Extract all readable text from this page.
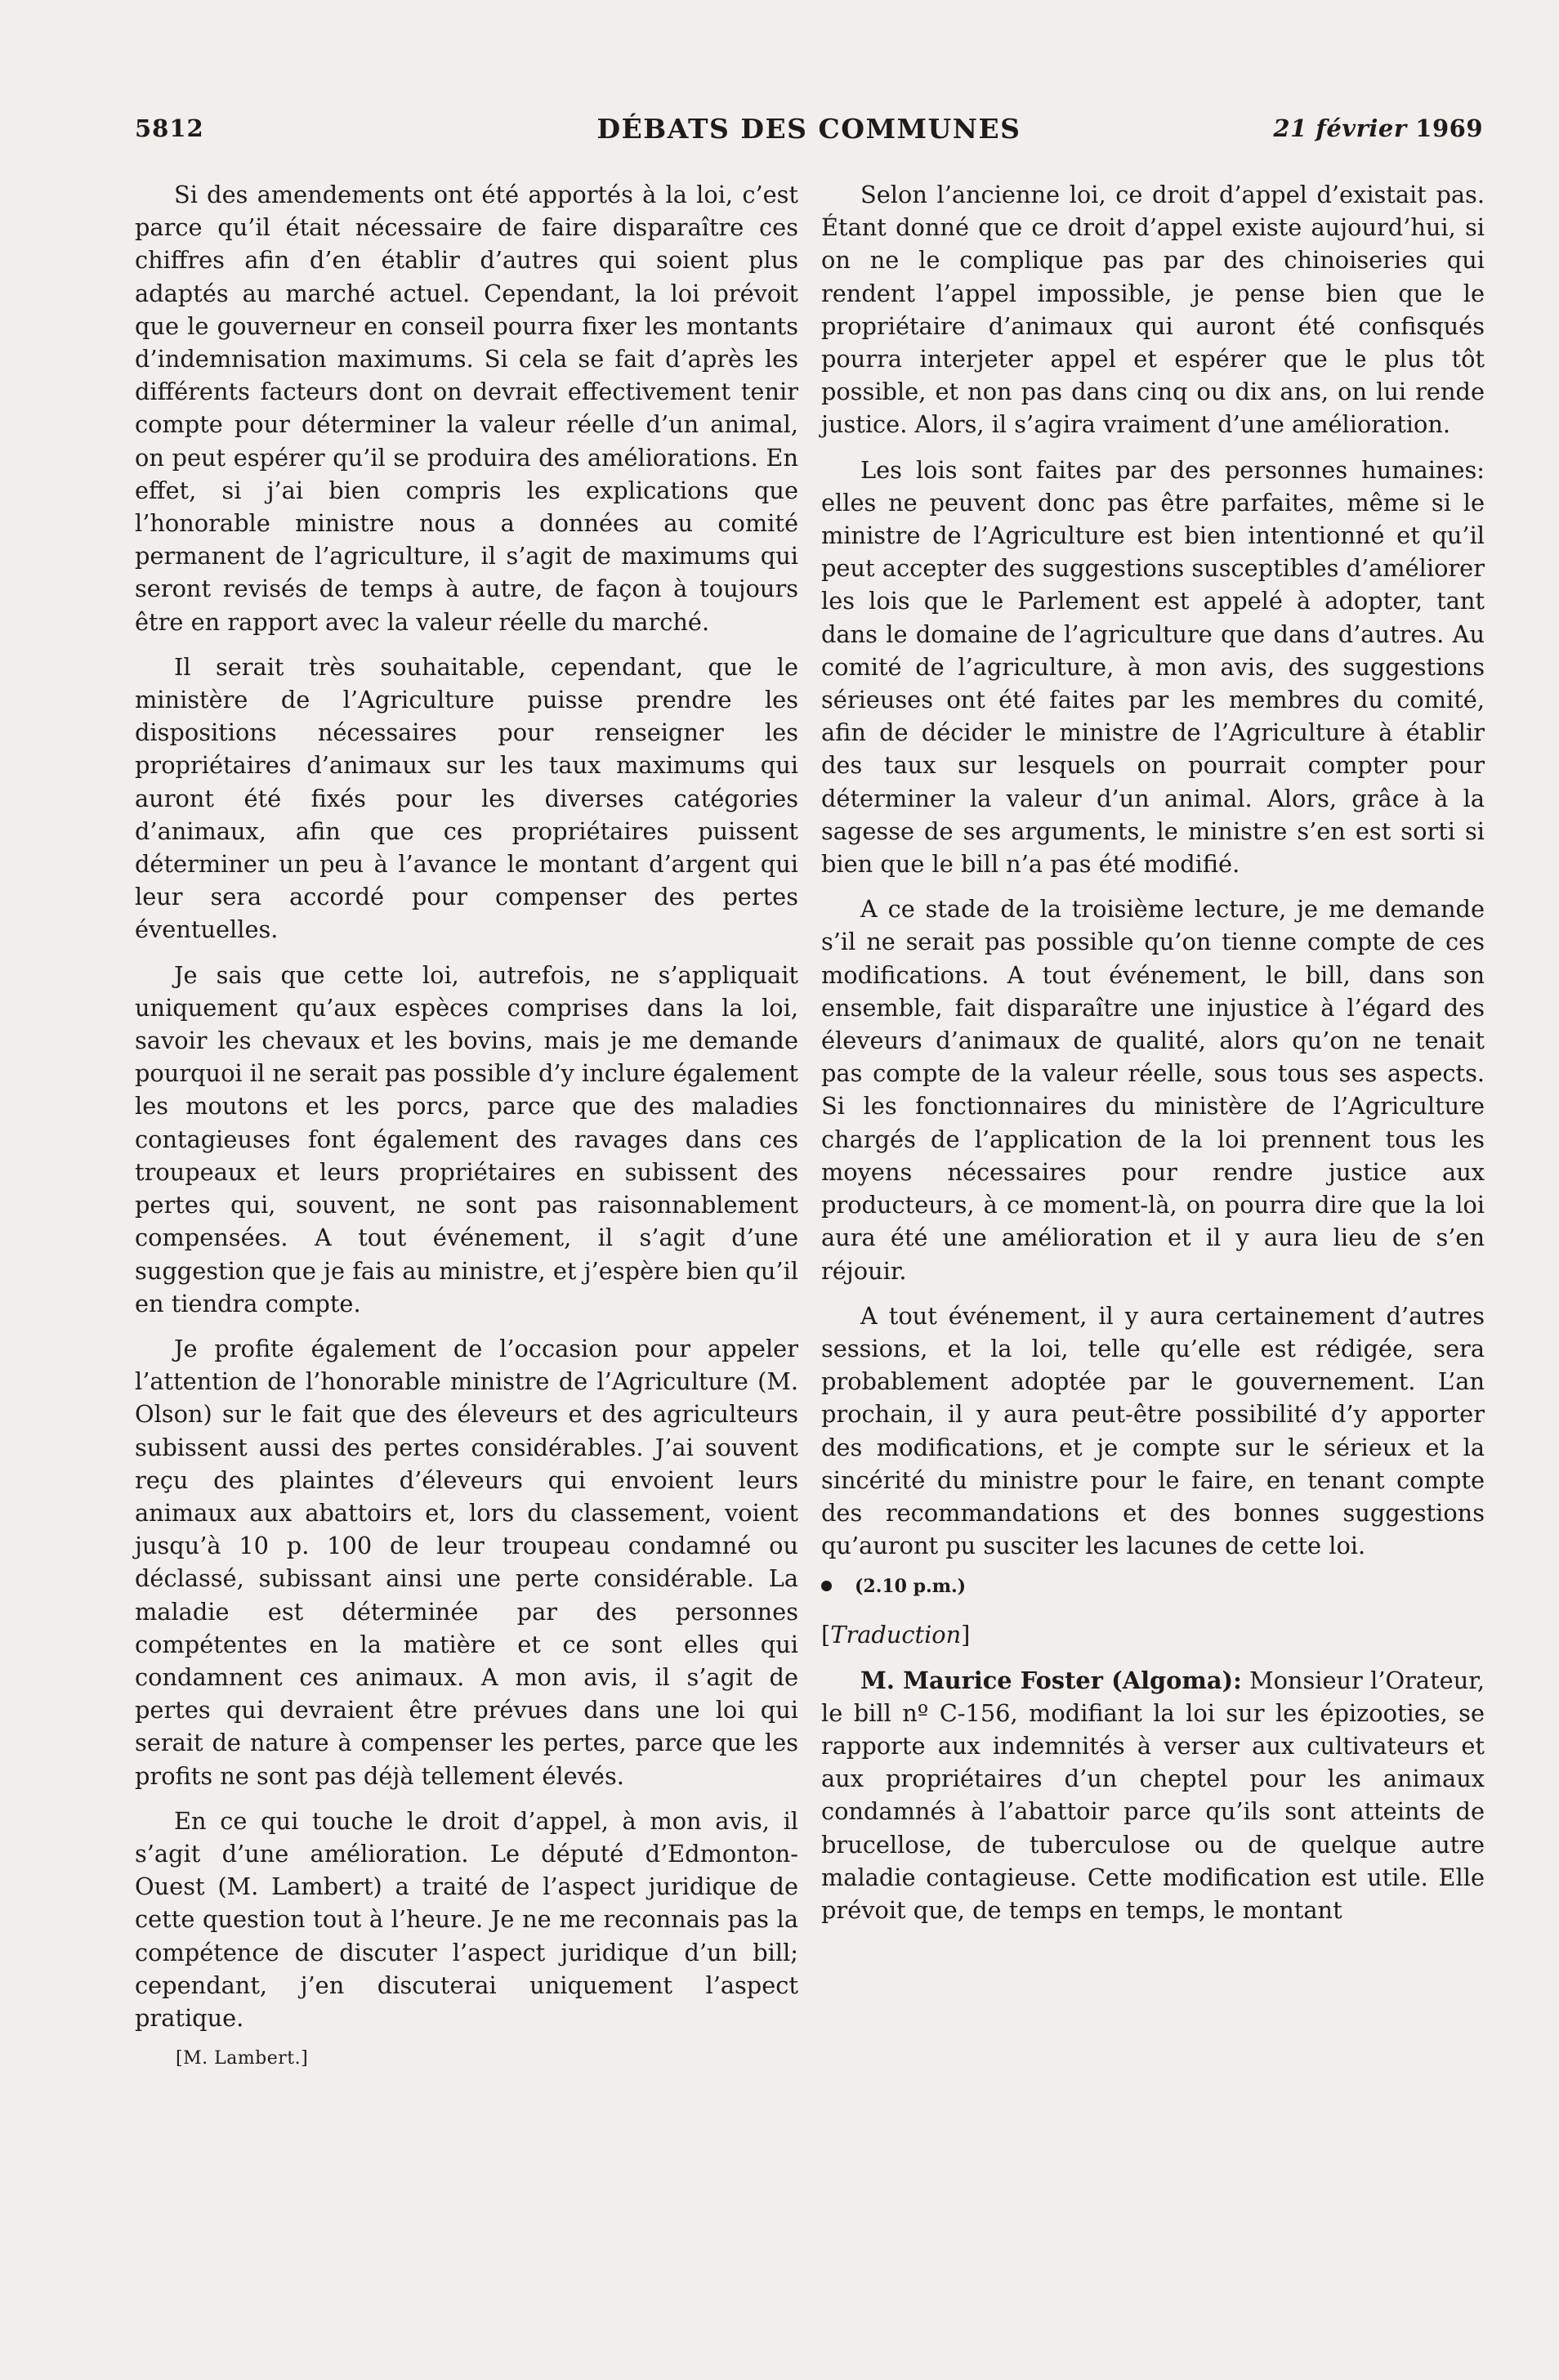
5812	DÉBATS DES COMMUNES	21 février 1969

Si des amendements ont été apportés à la loi, c’est parce qu’il était nécessaire de faire disparaître ces chiffres afin d’en établir d’autres qui soient plus adaptés au marché actuel. Cependant, la loi prévoit que le gouverneur en conseil pourra fixer les montants d’indemnisation maximums. Si cela se fait d’après les différents facteurs dont on devrait effectivement tenir compte pour déterminer la valeur réelle d’un animal, on peut espérer qu’il se produira des améliorations. En effet, si j’ai bien compris les explications que l’honorable ministre nous a données au comité permanent de l’agriculture, il s’agit de maximums qui seront revisés de temps à autre, de façon à toujours être en rapport avec la valeur réelle du marché.

Il serait très souhaitable, cependant, que le ministère de l’Agriculture puisse prendre les dispositions nécessaires pour renseigner les propriétaires d’animaux sur les taux maximums qui auront été fixés pour les diverses catégories d’animaux, afin que ces propriétaires puissent déterminer un peu à l’avance le montant d’argent qui leur sera accordé pour compenser des pertes éventuelles.

Je sais que cette loi, autrefois, ne s’appliquait uniquement qu’aux espèces comprises dans la loi, savoir les chevaux et les bovins, mais je me demande pourquoi il ne serait pas possible d’y inclure également les moutons et les porcs, parce que des maladies contagieuses font également des ravages dans ces troupeaux et leurs propriétaires en subissent des pertes qui, souvent, ne sont pas raisonnablement compensées. A tout événement, il s’agit d’une suggestion que je fais au ministre, et j’espère bien qu’il en tiendra compte.

Je profite également de l’occasion pour appeler l’attention de l’honorable ministre de l’Agriculture (M. Olson) sur le fait que des éleveurs et des agriculteurs subissent aussi des pertes considérables. J’ai souvent reçu des plaintes d’éleveurs qui envoient leurs animaux aux abattoirs et, lors du classement, voient jusqu’à 10 p. 100 de leur troupeau condamné ou déclassé, subissant ainsi une perte considérable. La maladie est déterminée par des personnes compétentes en la matière et ce sont elles qui condamnent ces animaux. A mon avis, il s’agit de pertes qui devraient être prévues dans une loi qui serait de nature à compenser les pertes, parce que les profits ne sont pas déjà tellement élevés.

En ce qui touche le droit d’appel, à mon avis, il s’agit d’une amélioration. Le député d’Edmonton-Ouest (M. Lambert) a traité de l’aspect juridique de cette question tout à l’heure. Je ne me reconnais pas la compétence de discuter l’aspect juridique d’un bill; cependant, j’en discuterai uniquement l’aspect pratique.

[M. Lambert.]

Selon l’ancienne loi, ce droit d’appel d’existait pas. Étant donné que ce droit d’appel existe aujourd’hui, si on ne le complique pas par des chinoiseries qui rendent l’appel impossible, je pense bien que le propriétaire d’animaux qui auront été confisqués pourra interjeter appel et espérer que le plus tôt possible, et non pas dans cinq ou dix ans, on lui rende justice. Alors, il s’agira vraiment d’une amélioration.

Les lois sont faites par des personnes humaines: elles ne peuvent donc pas être parfaites, même si le ministre de l’Agriculture est bien intentionné et qu’il peut accepter des suggestions susceptibles d’améliorer les lois que le Parlement est appelé à adopter, tant dans le domaine de l’agriculture que dans d’autres. Au comité de l’agriculture, à mon avis, des suggestions sérieuses ont été faites par les membres du comité, afin de décider le ministre de l’Agriculture à établir des taux sur lesquels on pourrait compter pour déterminer la valeur d’un animal. Alors, grâce à la sagesse de ses arguments, le ministre s’en est sorti si bien que le bill n’a pas été modifié.

A ce stade de la troisième lecture, je me demande s’il ne serait pas possible qu’on tienne compte de ces modifications. A tout événement, le bill, dans son ensemble, fait disparaître une injustice à l’égard des éleveurs d’animaux de qualité, alors qu’on ne tenait pas compte de la valeur réelle, sous tous ses aspects. Si les fonctionnaires du ministère de l’Agriculture chargés de l’application de la loi prennent tous les moyens nécessaires pour rendre justice aux producteurs, à ce moment-là, on pourra dire que la loi aura été une amélioration et il y aura lieu de s’en réjouir.

A tout événement, il y aura certainement d’autres sessions, et la loi, telle qu’elle est rédigée, sera probablement adoptée par le gouvernement. L’an prochain, il y aura peut-être possibilité d’y apporter des modifications, et je compte sur le sérieux et la sincérité du ministre pour le faire, en tenant compte des recommandations et des bonnes suggestions qu’auront pu susciter les lacunes de cette loi.

(2.10 p.m.)

[Traduction]

M. Maurice Foster (Algoma): Monsieur l’Orateur, le bill nº C-156, modifiant la loi sur les épizooties, se rapporte aux indemnités à verser aux cultivateurs et aux propriétaires d’un cheptel pour les animaux condamnés à l’abattoir parce qu’ils sont atteints de brucellose, de tuberculose ou de quelque autre maladie contagieuse. Cette modification est utile. Elle prévoit que, de temps en temps, le montant
